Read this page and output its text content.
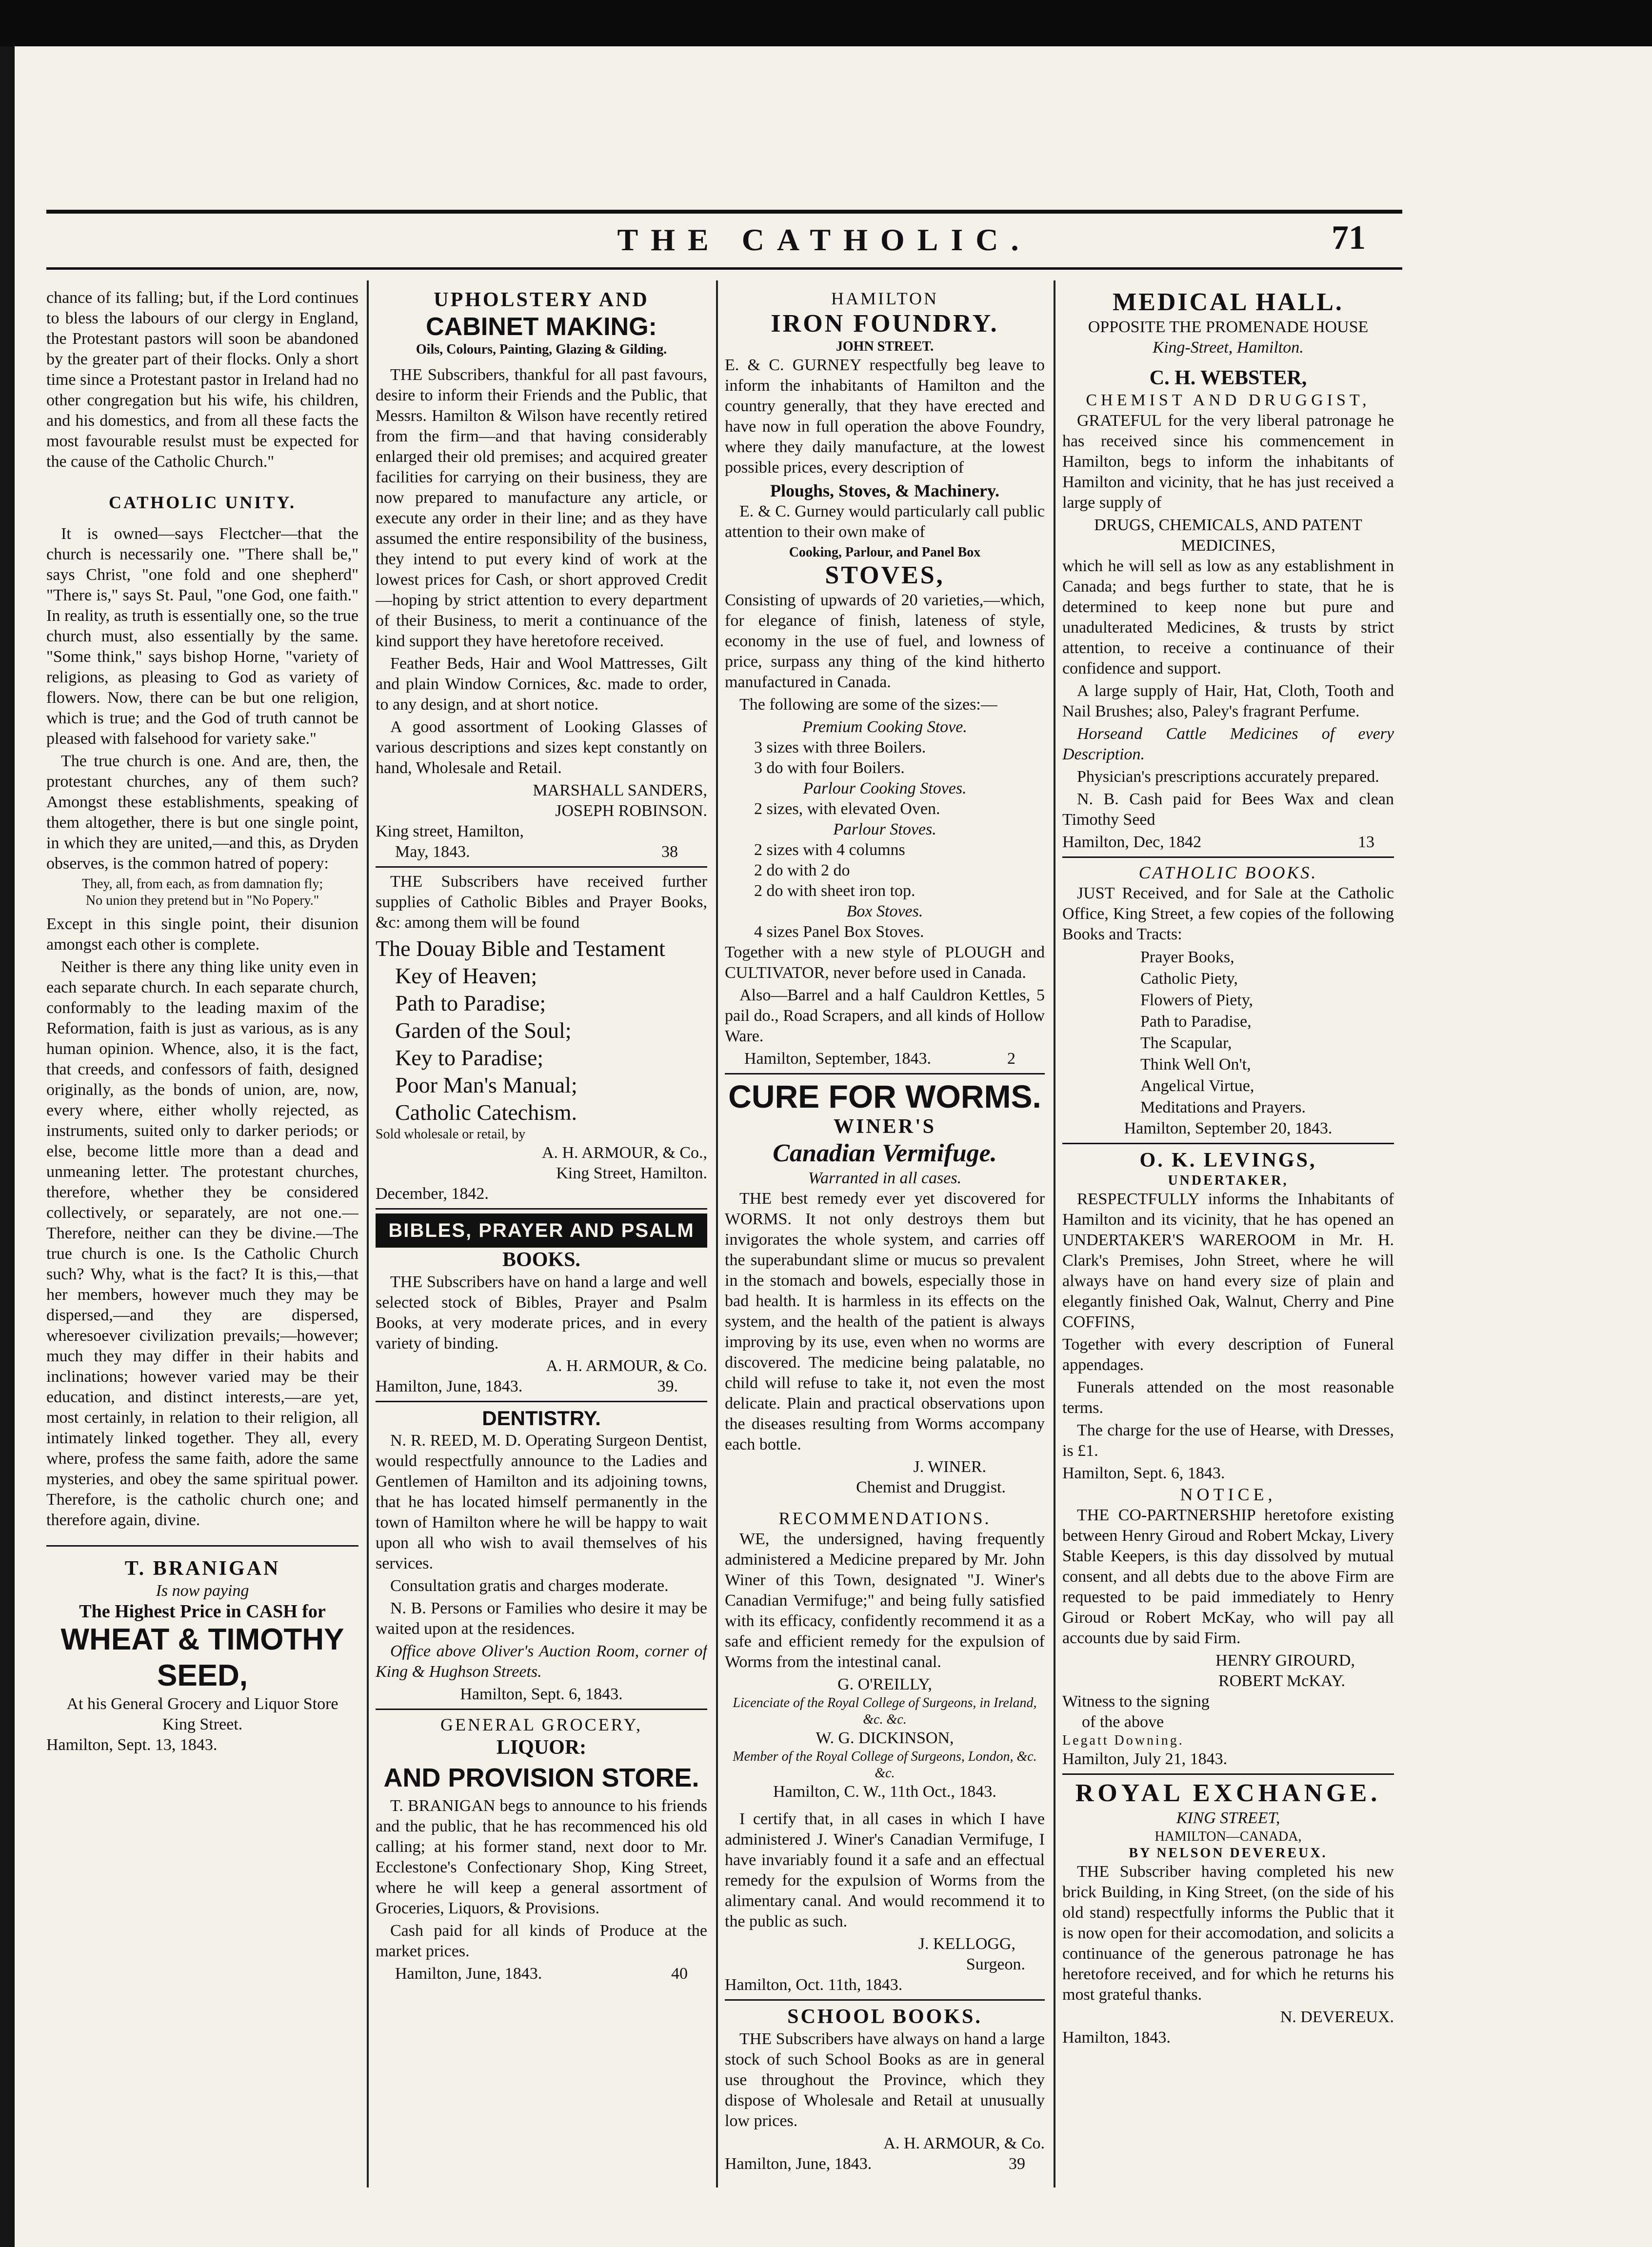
THE CATHOLIC.	71

chance of its falling; but, if the Lord continues to bless the labours of our clergy in England, the Protestant pastors will soon be abandoned by the greater part of their flocks. Only a short time since a Protestant pastor in Ireland had no other congregation but his wife, his children, and his domestics, and from all these facts the most favourable resulst must be expected for the cause of the Catholic Church."

CATHOLIC UNITY.

It is owned—says Flectcher—that the church is necessarily one. "There shall be," says Christ, "one fold and one shepherd" "There is," says St. Paul, "one God, one faith." In reality, as truth is essentially one, so the true church must, also essentially by the same. "Some think," says bishop Horne, "variety of religions, as pleasing to God as variety of flowers. Now, there can be but one religion, which is true; and the God of truth cannot be pleased with falsehood for variety sake."

The true church is one. And are, then, the protestant churches, any of them such? Amongst these establishments, speaking of them altogether, there is but one single point, in which they are united,—and this, as Dryden observes, is the common hatred of popery:

They, all, from each, as from damnation fly;
No union they pretend but in "No Popery."

Except in this single point, their disunion amongst each other is complete.

Neither is there any thing like unity even in each separate church. In each separate church, conformably to the leading maxim of the Reformation, faith is just as various, as is any human opinion. Whence, also, it is the fact, that creeds, and confessors of faith, designed originally, as the bonds of union, are, now, every where, either wholly rejected, as instruments, suited only to darker periods; or else, become little more than a dead and unmeaning letter. The protestant churches, therefore, whether they be considered collectively, or separately, are not one.—Therefore, neither can they be divine.—The true church is one. Is the Catholic Church such? Why, what is the fact? It is this,—that her members, however much they may be dispersed,—and they are dispersed, wheresoever civilization prevails;—however; much they may differ in their habits and inclinations; however varied may be their education, and distinct interests,—are yet, most certainly, in relation to their religion, all intimately linked together. They all, every where, profess the same faith, adore the same mysteries, and obey the same spiritual power. Therefore, is the catholic church one; and therefore again, divine.

T. BRANIGAN
Is now paying
The Highest Price in CASH for
WHEAT & TIMOTHY SEED,
At his General Grocery and Liquor Store
King Street.
Hamilton, Sept. 13, 1843.
UPHOLSTERY AND
CABINET MAKING:
Oils, Colours, Painting, Glazing & Gilding.

THE Subscribers, thankful for all past favours, desire to inform their Friends and the Public, that Messrs. Hamilton & Wilson have recently retired from the firm—and that having considerably enlarged their old premises; and acquired greater facilities for carrying on their business, they are now prepared to manufacture any article, or execute any order in their line; and as they have assumed the entire responsibility of the business, they intend to put every kind of work at the lowest prices for Cash, or short approved Credit—hoping by strict attention to every department of their Business, to merit a continuance of the kind support they have heretofore received.

Feather Beds, Hair and Wool Mattresses, Gilt and plain Window Cornices, &c. made to order, to any design, and at short notice.

A good assortment of Looking Glasses of various descriptions and sizes kept constantly on hand, Wholesale and Retail.

MARSHALL SANDERS,
JOSEPH ROBINSON.
King street, Hamilton,
May, 1843.	38

THE Subscribers have received further supplies of Catholic Bibles and Prayer Books, &c: among them will be found

The Douay Bible and Testament
Key of Heaven;
Path to Paradise;
Garden of the Soul;
Key to Paradise;
Poor Man's Manual;
Catholic Catechism.
Sold wholesale or retail, by
A. H. ARMOUR, & Co.,
King Street, Hamilton.
December, 1842.
BIBLES, PRAYER AND PSALM
BOOKS.

THE Subscribers have on hand a large and well selected stock of Bibles, Prayer and Psalm Books, at very moderate prices, and in every variety of binding.

A. H. ARMOUR, & Co.
Hamilton, June, 1843.	39.
DENTISTRY.

N. R. REED, M. D. Operating Surgeon Dentist, would respectfully announce to the Ladies and Gentlemen of Hamilton and its adjoining towns, that he has located himself permanently in the town of Hamilton where he will be happy to wait upon all who wish to avail themselves of his services.

Consultation gratis and charges moderate.

N. B. Persons or Families who desire it may be waited upon at the residences.

Office above Oliver's Auction Room, corner of King & Hughson Streets.

Hamilton, Sept. 6, 1843.
GENERAL GROCERY,
LIQUOR:
AND PROVISION STORE.

T. BRANIGAN begs to announce to his friends and the public, that he has recommenced his old calling; at his former stand, next door to Mr. Ecclestone's Confectionary Shop, King Street, where he will keep a general assortment of Groceries, Liquors, & Provisions.

Cash paid for all kinds of Produce at the market prices.

Hamilton, June, 1843.	40
HAMILTON
IRON FOUNDRY.
JOHN STREET.

E. & C. GURNEY respectfully beg leave to inform the inhabitants of Hamilton and the country generally, that they have erected and have now in full operation the above Foundry, where they daily manufacture, at the lowest possible prices, every description of

Ploughs, Stoves, & Machinery.

E. & C. Gurney would particularly call public attention to their own make of

Cooking, Parlour, and Panel Box
STOVES,

Consisting of upwards of 20 varieties,—which, for elegance of finish, lateness of style, economy in the use of fuel, and lowness of price, surpass any thing of the kind hitherto manufactured in Canada.

The following are some of the sizes:—

Premium Cooking Stove.
3 sizes with three Boilers.
3 do with four Boilers.
Parlour Cooking Stoves.
2 sizes, with elevated Oven.
Parlour Stoves.
2 sizes with 4 columns
2 do with 2 do
2 do with sheet iron top.
Box Stoves.
4 sizes Panel Box Stoves.

Together with a new style of PLOUGH and CULTIVATOR, never before used in Canada.

Also—Barrel and a half Cauldron Kettles, 5 pail do., Road Scrapers, and all kinds of Hollow Ware.

Hamilton, September, 1843.	2
CURE FOR WORMS.
WINER'S
Canadian Vermifuge.
Warranted in all cases.

THE best remedy ever yet discovered for WORMS. It not only destroys them but invigorates the whole system, and carries off the superabundant slime or mucus so prevalent in the stomach and bowels, especially those in bad health. It is harmless in its effects on the system, and the health of the patient is always improving by its use, even when no worms are discovered. The medicine being palatable, no child will refuse to take it, not even the most delicate. Plain and practical observations upon the diseases resulting from Worms accompany each bottle.

J. WINER.
Chemist and Druggist.
RECOMMENDATIONS.

WE, the undersigned, having frequently administered a Medicine prepared by Mr. John Winer of this Town, designated "J. Winer's Canadian Vermifuge;" and being fully satisfied with its efficacy, confidently recommend it as a safe and efficient remedy for the expulsion of Worms from the intestinal canal.

G. O'REILLY,
Licenciate of the Royal College of Surgeons, in Ireland, &c. &c.
W. G. DICKINSON,
Member of the Royal College of Surgeons, London, &c. &c.
Hamilton, C. W., 11th Oct., 1843.

I certify that, in all cases in which I have administered J. Winer's Canadian Vermifuge, I have invariably found it a safe and an effectual remedy for the expulsion of Worms from the alimentary canal. And would recommend it to the public as such.

J. KELLOGG,
Surgeon.
Hamilton, Oct. 11th, 1843.
SCHOOL BOOKS.

THE Subscribers have always on hand a large stock of such School Books as are in general use throughout the Province, which they dispose of Wholesale and Retail at unusually low prices.

A. H. ARMOUR, & Co.
Hamilton, June, 1843.	39
MEDICAL HALL.
OPPOSITE THE PROMENADE HOUSE
King-Street, Hamilton.
C. H. WEBSTER,
CHEMIST AND DRUGGIST,

GRATEFUL for the very liberal patronage he has received since his commencement in Hamilton, begs to inform the inhabitants of Hamilton and vicinity, that he has just received a large supply of

DRUGS, CHEMICALS, AND PATENT MEDICINES,

which he will sell as low as any establishment in Canada; and begs further to state, that he is determined to keep none but pure and unadulterated Medicines, & trusts by strict attention, to receive a continuance of their confidence and support.

A large supply of Hair, Hat, Cloth, Tooth and Nail Brushes; also, Paley's fragrant Perfume.

Horseand Cattle Medicines of every Description.

Physician's prescriptions accurately prepared.

N. B. Cash paid for Bees Wax and clean Timothy Seed

Hamilton, Dec, 1842	13
CATHOLIC BOOKS.

JUST Received, and for Sale at the Catholic Office, King Street, a few copies of the following Books and Tracts:

Prayer Books,
Catholic Piety,
Flowers of Piety,
Path to Paradise,
The Scapular,
Think Well On't,
Angelical Virtue,
Meditations and Prayers.
Hamilton, September 20, 1843.
O. K. LEVINGS,
UNDERTAKER,

RESPECTFULLY informs the Inhabitants of Hamilton and its vicinity, that he has opened an UNDERTAKER'S WAREROOM in Mr. H. Clark's Premises, John Street, where he will always have on hand every size of plain and elegantly finished Oak, Walnut, Cherry and Pine COFFINS,

Together with every description of Funeral appendages.

Funerals attended on the most reasonable terms.

The charge for the use of Hearse, with Dresses, is £1.

Hamilton, Sept. 6, 1843.
NOTICE,

THE CO-PARTNERSHIP heretofore existing between Henry Giroud and Robert Mckay, Livery Stable Keepers, is this day dissolved by mutual consent, and all debts due to the above Firm are requested to be paid immediately to Henry Giroud or Robert McKay, who will pay all accounts due by said Firm.

HENRY GIROURD,
ROBERT McKAY.
Witness to the signing
of the above
Legatt Downing.
Hamilton, July 21, 1843.
ROYAL EXCHANGE.
KING STREET,
HAMILTON—CANADA,
BY NELSON DEVEREUX.

THE Subscriber having completed his new brick Building, in King Street, (on the side of his old stand) respectfully informs the Public that it is now open for their accomodation, and solicits a continuance of the generous patronage he has heretofore received, and for which he returns his most grateful thanks.

N. DEVEREUX.
Hamilton, 1843.
